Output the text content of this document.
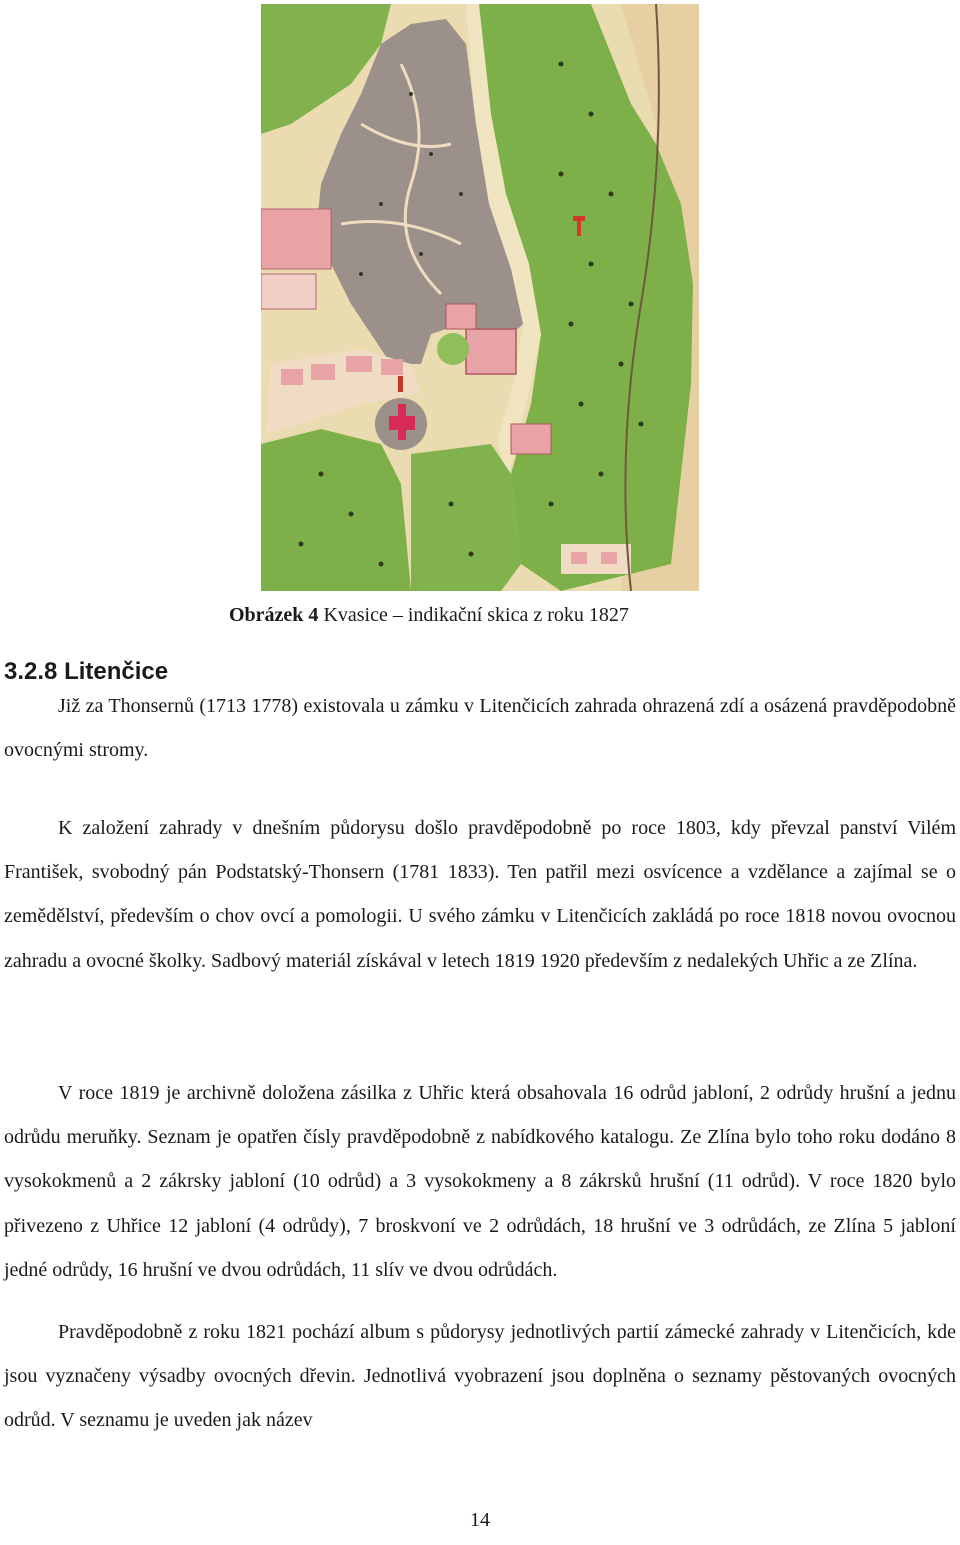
Obrázek 4 Kvasice – indikační skica z roku 1827
3.2.8 Litenčice

Již za Thonsernů (1713 1778) existovala u zámku v Litenčicích zahrada ohrazená zdí a osázená pravděpodobně ovocnými stromy.

K založení zahrady v dnešním půdorysu došlo pravděpodobně po roce 1803, kdy převzal panství Vilém František, svobodný pán Podstatský-Thonsern (1781 1833). Ten patřil mezi osvícence a vzdělance a zajímal se o zemědělství, především o chov ovcí a pomologii. U svého zámku v Litenčicích zakládá po roce 1818 novou ovocnou zahradu a ovocné školky. Sadbový materiál získával v letech 1819 1920 především z nedalekých Uhřic a ze Zlína.

V roce 1819 je archivně doložena zásilka z Uhřic která obsahovala 16 odrůd jabloní, 2 odrůdy hrušní a jednu odrůdu meruňky. Seznam je opatřen čísly pravděpodobně z nabídkového katalogu. Ze Zlína bylo toho roku dodáno 8 vysokokmenů a 2 zákrsky jabloní (10 odrůd) a 3 vysokokmeny a 8 zákrsků hrušní (11 odrůd). V roce 1820 bylo přivezeno z Uhřice 12 jabloní (4 odrůdy), 7 broskvoní ve 2 odrůdách, 18 hrušní ve 3 odrůdách, ze Zlína 5 jabloní jedné odrůdy, 16 hrušní ve dvou odrůdách, 11 slív ve dvou odrůdách.

Pravděpodobně z roku 1821 pochází album s půdorysy jednotlivých partií zámecké zahrady v Litenčicích, kde jsou vyznačeny výsadby ovocných dřevin. Jednotlivá vyobrazení jsou doplněna o seznamy pěstovaných ovocných odrůd. V seznamu je uveden jak název

14
